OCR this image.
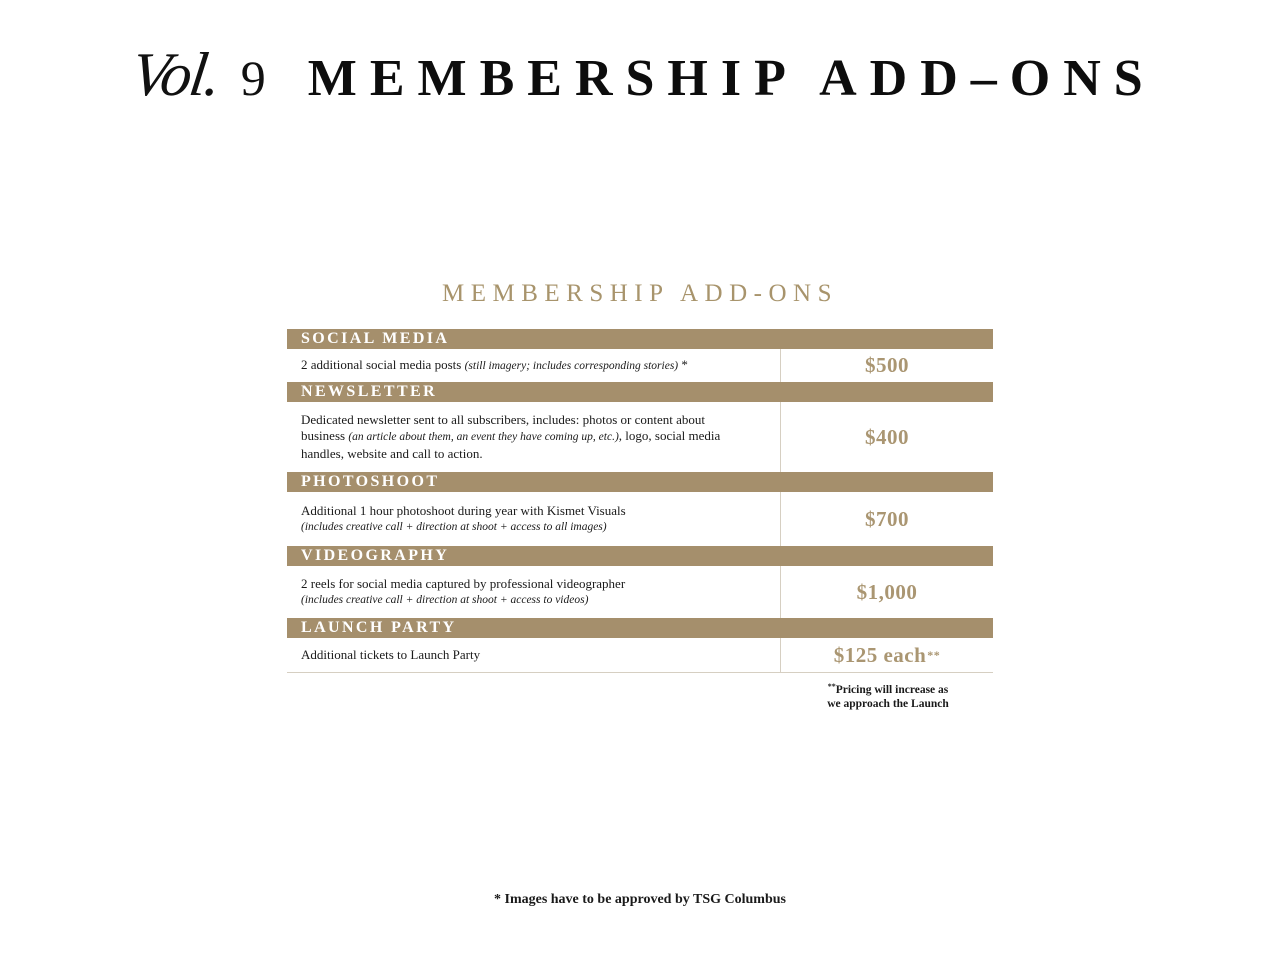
Vol. 9 MEMBERSHIP ADD–ONS
MEMBERSHIP ADD-ONS
SOCIAL MEDIA
2 additional social media posts (still imagery; includes corresponding stories) *	$500
NEWSLETTER
Dedicated newsletter sent to all subscribers, includes: photos or content about business (an article about them, an event they have coming up, etc.), logo, social media handles, website and call to action.
$400
PHOTOSHOOT
Additional 1 hour photoshoot during year with Kismet Visuals
(includes creative call + direction at shoot + access to all images)	$700
VIDEOGRAPHY
2 reels for social media captured by professional videographer
(includes creative call + direction at shoot + access to videos)	$1,000
LAUNCH PARTY
Additional tickets to Launch Party	$125 each **
**Pricing will increase as
we approach the Launch
* Images have to be approved by TSG Columbus
